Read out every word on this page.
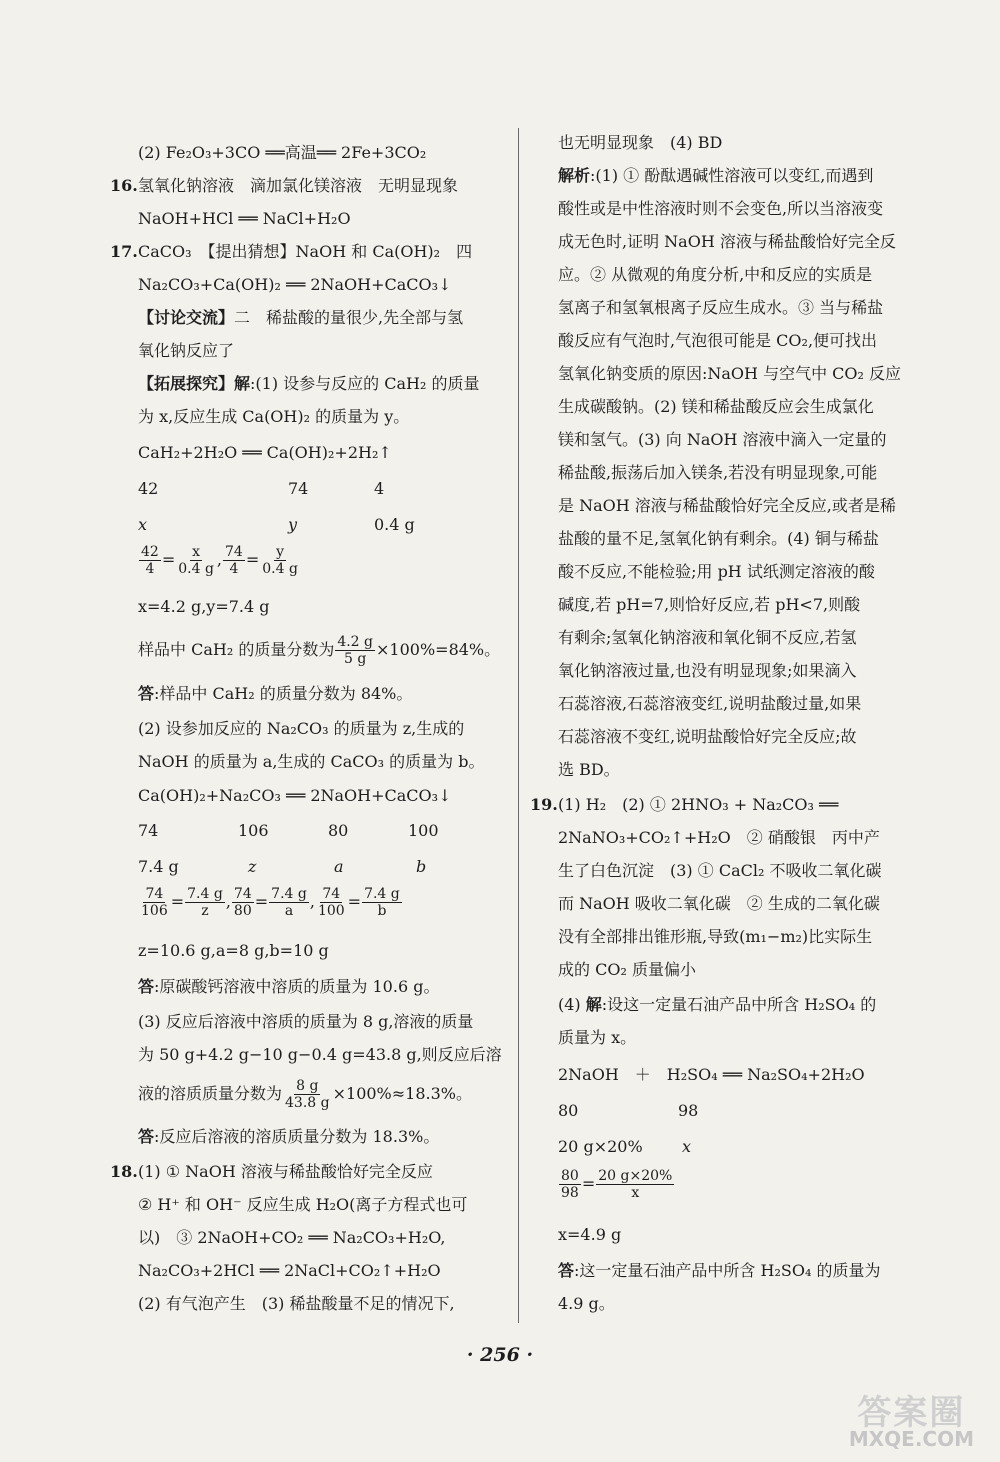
(2) Fe₂O₃+3CO ══高温══ 2Fe+3CO₂
16. 氢氧化钠溶液　滴加氯化镁溶液　无明显现象
NaOH+HCl ══ NaCl+H₂O
17. CaCO₃　【提出猜想】NaOH 和 Ca(OH)₂　四
Na₂CO₃+Ca(OH)₂ ══ 2NaOH+CaCO₃↓
【讨论交流】二　稀盐酸的量很少,先全部与氢
氧化钠反应了
【拓展探究】解:(1) 设参与反应的 CaH₂ 的质量
为 x,反应生成 Ca(OH)₂ 的质量为 y。
CaH₂+2H₂O ══ Ca(OH)₂+2H₂↑
42	74	4
x	y	0.4 g
$\frac{42}{4} = \frac{x}{0.4 g}$ , $\frac{74}{4} = \frac{y}{0.4 g}$
x=4.2 g,y=7.4 g
样品中 CaH₂ 的质量分数为 $\frac{4.2 g}{5 g} \times 100\%=84\%$。
答:样品中 CaH₂ 的质量分数为 84%。
(2) 设参加反应的 Na₂CO₃ 的质量为 z,生成的
NaOH 的质量为 a,生成的 CaCO₃ 的质量为 b。
Ca(OH)₂+Na₂CO₃ ══ 2NaOH+CaCO₃↓
74	106	80	100
7.4 g	z	a	b
$\frac{74}{106} = \frac{7.4 g}{z}$ , $\frac{74}{80} = \frac{7.4 g}{a}$ , $\frac{74}{100} = \frac{7.4 g}{b}$
z=10.6 g,a=8 g,b=10 g
答:原碳酸钙溶液中溶质的质量为 10.6 g。
(3) 反应后溶液中溶质的质量为 8 g,溶液的质量
为 50 g+4.2 g−10 g−0.4 g=43.8 g,则反应后溶
液的溶质质量分数为 $\frac{8 g}{43.8 g} \times 100\%\approx 18.3\%$。
答:反应后溶液的溶质质量分数为 18.3%。
18. (1) ① NaOH 溶液与稀盐酸恰好完全反应
② H⁺ 和 OH⁻ 反应生成 H₂O(离子方程式也可
以)　③ 2NaOH+CO₂ ══ Na₂CO₃+H₂O,
Na₂CO₃+2HCl ══ 2NaCl+CO₂↑+H₂O
(2) 有气泡产生　(3) 稀盐酸量不足的情况下,
也无明显现象　(4) BD
解析:(1) ① 酚酞遇碱性溶液可以变红,而遇到
酸性或是中性溶液时则不会变色,所以当溶液变
成无色时,证明 NaOH 溶液与稀盐酸恰好完全反
应。② 从微观的角度分析,中和反应的实质是
氢离子和氢氧根离子反应生成水。③ 当与稀盐
酸反应有气泡时,气泡很可能是 CO₂,便可找出
氢氧化钠变质的原因:NaOH 与空气中 CO₂ 反应
生成碳酸钠。(2) 镁和稀盐酸反应会生成氯化
镁和氢气。(3) 向 NaOH 溶液中滴入一定量的
稀盐酸,振荡后加入镁条,若没有明显现象,可能
是 NaOH 溶液与稀盐酸恰好完全反应,或者是稀
盐酸的量不足,氢氧化钠有剩余。(4) 铜与稀盐
酸不反应,不能检验;用 pH 试纸测定溶液的酸
碱度,若 pH=7,则恰好反应,若 pH<7,则酸
有剩余;氢氧化钠溶液和氧化铜不反应,若氢
氧化钠溶液过量,也没有明显现象;如果滴入
石蕊溶液,石蕊溶液变红,说明盐酸过量,如果
石蕊溶液不变红,说明盐酸恰好完全反应;故
选 BD。
19. (1) H₂　(2) ① 2HNO₃ + Na₂CO₃ ══
2NaNO₃+CO₂↑+H₂O　② 硝酸银　丙中产
生了白色沉淀　(3) ① CaCl₂ 不吸收二氧化碳
而 NaOH 吸收二氧化碳　② 生成的二氧化碳
没有全部排出锥形瓶,导致(m₁−m₂)比实际生
成的 CO₂ 质量偏小
(4) 解:设这一定量石油产品中所含 H₂SO₄ 的
质量为 x。
2NaOH　＋　H₂SO₄ ══ Na₂SO₄+2H₂O
80	98
20 g×20% x
$\frac{80}{98} = \frac{20 g\times 20\%}{x}$
x=4.9 g
答:这一定量石油产品中所含 H₂SO₄ 的质量为
4.9 g。
· 256 ·
答案圈
MXQE.COM
